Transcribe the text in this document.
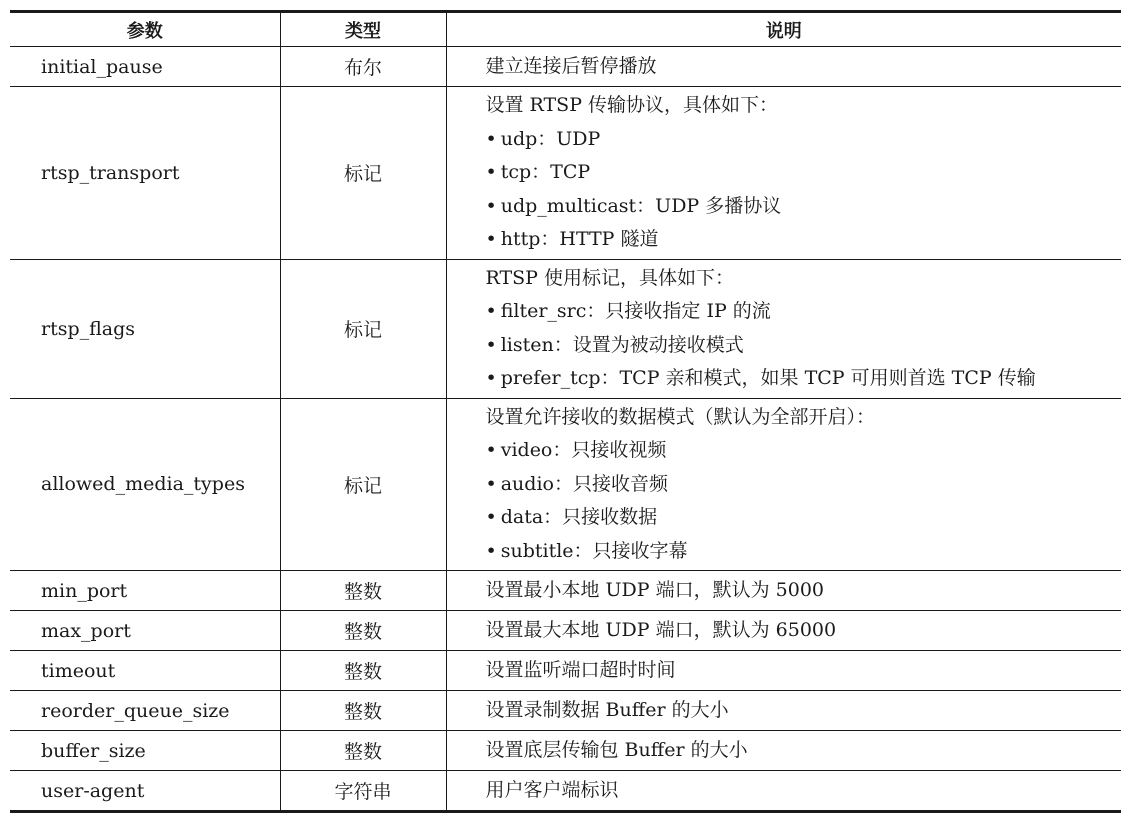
参数	类型	说明
initial_pause	布尔	建立连接后暂停播放

rtsp_transport	标记	设置 RTSP 传输协议，具体如下：
• udp：UDP
• tcp：TCP
• udp_multicast：UDP 多播协议
• http：HTTP 隧道

rtsp_flags	标记	RTSP 使用标记，具体如下：
• filter_src：只接收指定 IP 的流
• listen：设置为被动接收模式
• prefer_tcp：TCP 亲和模式，如果 TCP 可用则首选 TCP 传输

allowed_media_types	标记	设置允许接收的数据模式（默认为全部开启）：
• video：只接收视频
• audio：只接收音频
• data：只接收数据
• subtitle：只接收字幕

min_port	整数	设置最小本地 UDP 端口，默认为 5000

max_port	整数	设置最大本地 UDP 端口，默认为 65000

timeout	整数	设置监听端口超时时间

reorder_queue_size	整数	设置录制数据 Buffer 的大小

buffer_size	整数	设置底层传输包 Buffer 的大小

user-agent	字符串	用户客户端标识
